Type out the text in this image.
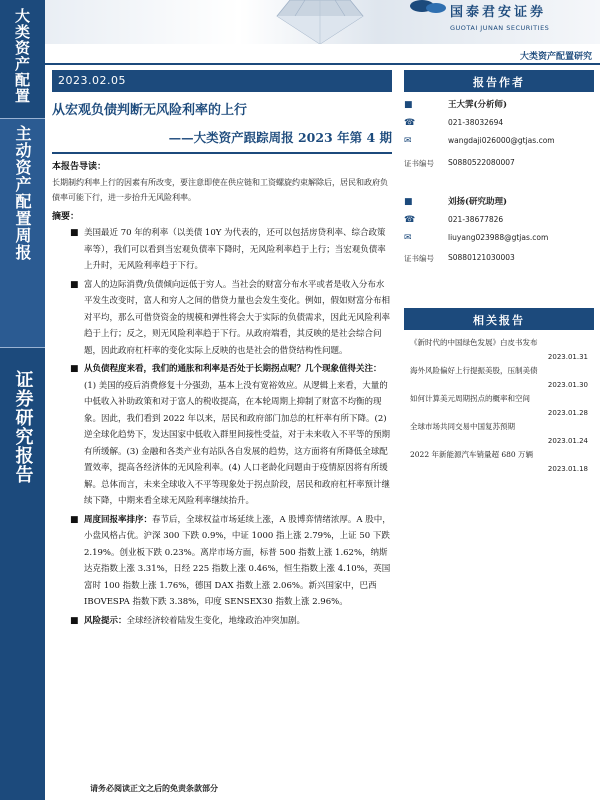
大类资产配置
主动资产配置周报
证券研究报告
国泰君安证券
GUOTAI JUNAN SECURITIES
大类资产配置研究
2023.02.05
从宏观负债判断无风险利率的上行
——大类资产跟踪周报 2023 年第 4 期
本报告导读：
长期制约利率上行的因素有所改变，要注意即使在供应链和工资螺旋约束解除后，居民和政府负债率可能下行，进一步抬升无风险利率。
摘要：
■ 美国最近 70 年的利率（以美债 10Y 为代表的，还可以包括房贷利率、综合政策率等），我们可以看到当宏观负债率下降时，无风险利率趋于上行；当宏观负债率上升时，无风险利率趋于下行。
■ 富人的边际消费/负债倾向远低于穷人。当社会的财富分布水平或者是收入分布水平发生改变时，富人和穷人之间的借贷力量也会发生变化。例如，假如财富分布相对平均，那么可借贷资金的规模和弹性将会大于实际的负债需求，因此无风险利率趋于上行；反之，则无风险利率趋于下行。从政府端看，其反映的是社会综合问题，因此政府杠杆率的变化实际上反映的也是社会的借贷结构性问题。
■ 从负债程度来看，我们的通胀和利率是否处于长期拐点呢？几个现象值得关注：(1) 美国的疫后消费修复十分强劲，基本上没有宽裕效应。从逻辑上来看，大量的中低收入补助政策和对于富人的税收提高，在本轮周期上抑制了财富不均衡的现象。因此，我们看到 2022 年以来，居民和政府部门加总的杠杆率有所下降。(2) 逆全球化趋势下，发达国家中低收入群里间接性受益，对于未来收入不平等的预期有所缓解。(3) 金融和各类产业有站队各自发展的趋势，这方面将有所降低全球配置效率，提高各经济体的无风险利率。(4) 人口老龄化问题由于疫情原因将有所缓解。总体而言，未来全球收入不平等现象处于拐点阶段，居民和政府杠杆率预计继续下降，中期来看全球无风险利率继续抬升。
■ 周度回报率排序：春节后，全球权益市场延续上涨，A 股博弈情绪浓厚。A 股中，小盘风格占优。沪深 300 下跌 0.9%，中证 1000 指上涨 2.79%，上证 50 下跌 2.19%。创业板下跌 0.23%。离岸市场方面，标普 500 指数上涨 1.62%，纳斯达克指数上涨 3.31%，日经 225 指数上涨 0.46%，恒生指数上涨 4.10%，英国富时 100 指数上涨 1.76%，德国 DAX 指数上涨 2.06%。新兴国家中，巴西 IBOVESPA 指数下跌 3.38%，印度 SENSEX30 指数上涨 2.96%。
■ 风险提示：全球经济较着陆发生变化，地缘政治冲突加剧。
报告作者
■	王大霁(分析师)
☎	021-38032694
✉	wangdaji026000@gtjas.com
证书编号 S0880522080007
■	刘扬(研究助理)
☎	021-38677826
✉	liuyang023988@gtjas.com
证书编号 S0880121030003
相关报告
《新时代的中国绿色发展》白皮书发布
2023.01.31
海外风险偏好上行提振美股，压制美债
2023.01.30
如何计算美元周期拐点的概率和空间
2023.01.28
全球市场共同交易中国复苏预期
2023.01.24
2022 年新能源汽车销量超 680 万辆
2023.01.18
请务必阅读正文之后的免责条款部分
